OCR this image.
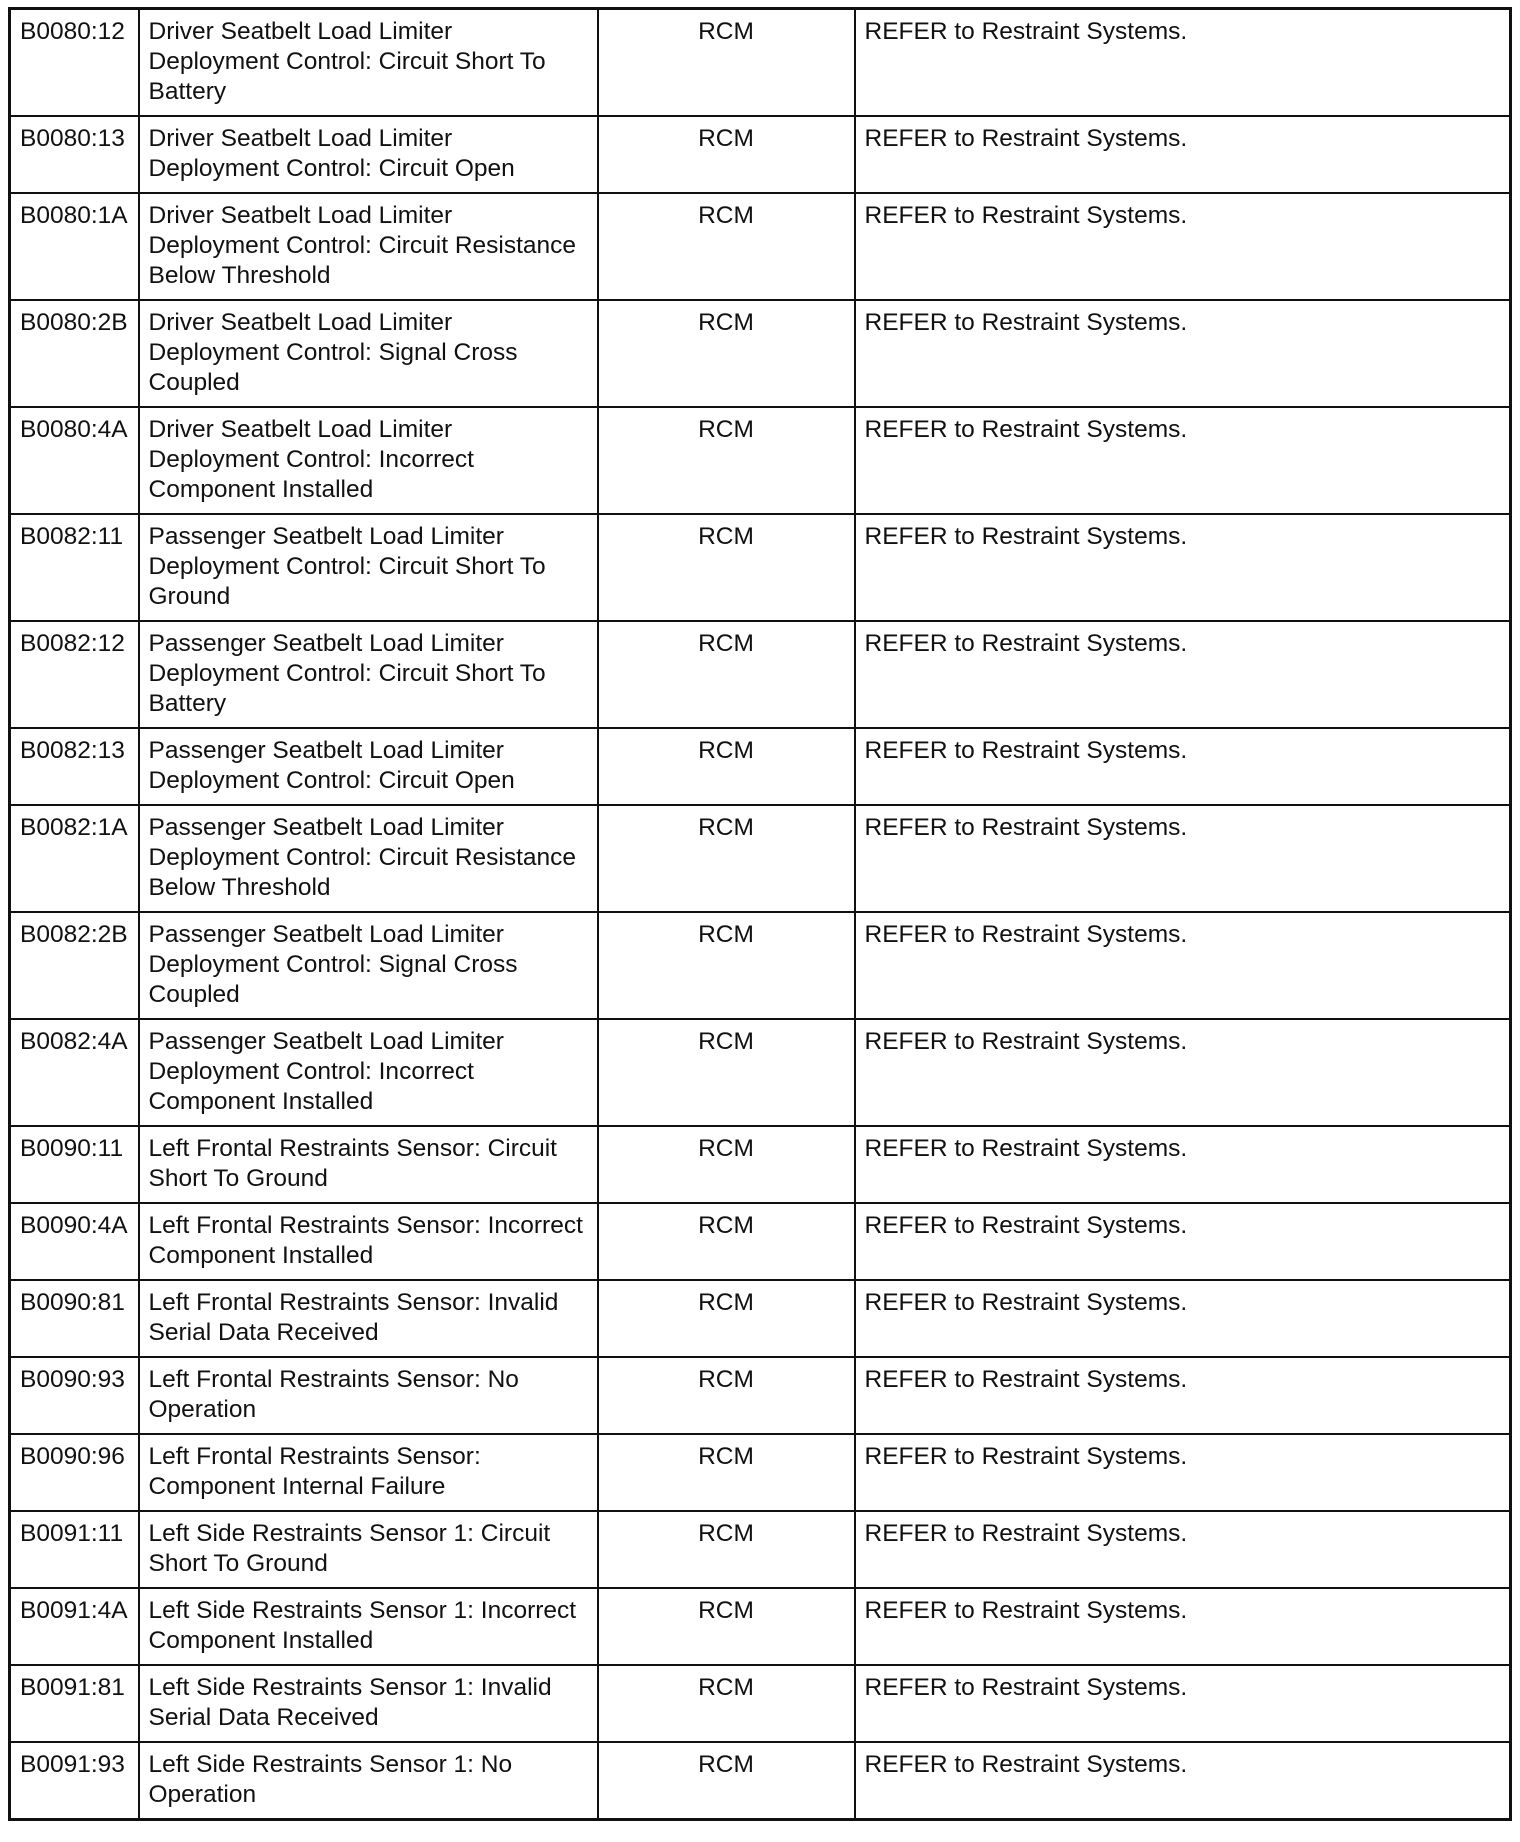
B0080:12	Driver Seatbelt Load Limiter Deployment Control: Circuit Short To Battery	RCM	REFER to Restraint Systems.
B0080:13	Driver Seatbelt Load Limiter Deployment Control: Circuit Open	RCM	REFER to Restraint Systems.
B0080:1A	Driver Seatbelt Load Limiter Deployment Control: Circuit Resistance Below Threshold	RCM	REFER to Restraint Systems.
B0080:2B	Driver Seatbelt Load Limiter Deployment Control: Signal Cross Coupled	RCM	REFER to Restraint Systems.
B0080:4A	Driver Seatbelt Load Limiter Deployment Control: Incorrect Component Installed	RCM	REFER to Restraint Systems.
B0082:11	Passenger Seatbelt Load Limiter Deployment Control: Circuit Short To Ground	RCM	REFER to Restraint Systems.
B0082:12	Passenger Seatbelt Load Limiter Deployment Control: Circuit Short To Battery	RCM	REFER to Restraint Systems.
B0082:13	Passenger Seatbelt Load Limiter Deployment Control: Circuit Open	RCM	REFER to Restraint Systems.
B0082:1A	Passenger Seatbelt Load Limiter Deployment Control: Circuit Resistance Below Threshold	RCM	REFER to Restraint Systems.
B0082:2B	Passenger Seatbelt Load Limiter Deployment Control: Signal Cross Coupled	RCM	REFER to Restraint Systems.
B0082:4A	Passenger Seatbelt Load Limiter Deployment Control: Incorrect Component Installed	RCM	REFER to Restraint Systems.
B0090:11	Left Frontal Restraints Sensor: Circuit Short To Ground	RCM	REFER to Restraint Systems.
B0090:4A	Left Frontal Restraints Sensor: Incorrect Component Installed	RCM	REFER to Restraint Systems.
B0090:81	Left Frontal Restraints Sensor: Invalid Serial Data Received	RCM	REFER to Restraint Systems.
B0090:93	Left Frontal Restraints Sensor: No Operation	RCM	REFER to Restraint Systems.
B0090:96	Left Frontal Restraints Sensor: Component Internal Failure	RCM	REFER to Restraint Systems.
B0091:11	Left Side Restraints Sensor 1: Circuit Short To Ground	RCM	REFER to Restraint Systems.
B0091:4A	Left Side Restraints Sensor 1: Incorrect Component Installed	RCM	REFER to Restraint Systems.
B0091:81	Left Side Restraints Sensor 1: Invalid Serial Data Received	RCM	REFER to Restraint Systems.
B0091:93	Left Side Restraints Sensor 1: No Operation	RCM	REFER to Restraint Systems.
